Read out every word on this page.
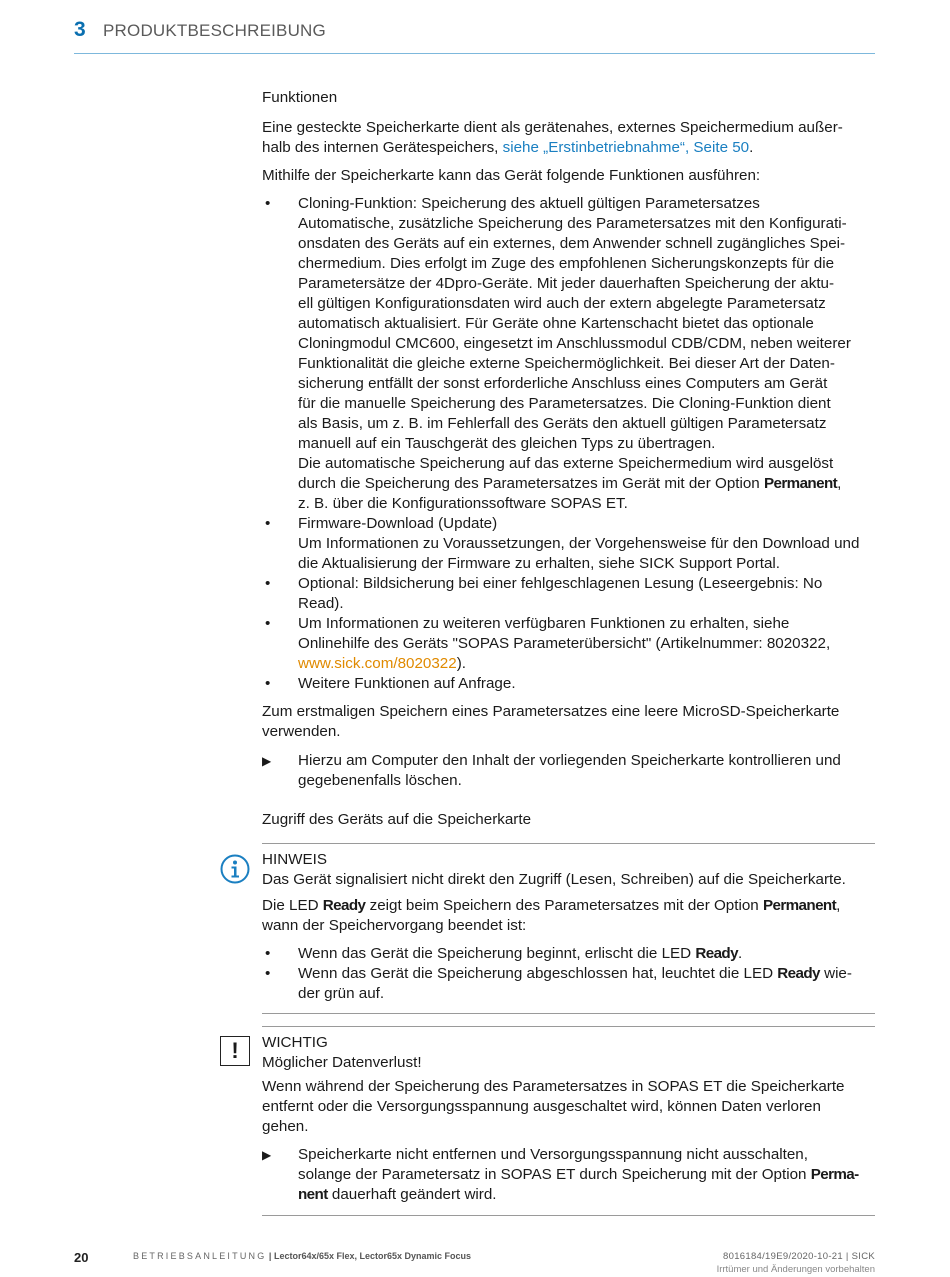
3 PRODUKTBESCHREIBUNG
Funktionen
Eine gesteckte Speicherkarte dient als gerätenahes, externes Speichermedium außer-
halb des internen Gerätespeichers, siehe „Erstinbetriebnahme“, Seite 50.
Mithilfe der Speicherkarte kann das Gerät folgende Funktionen ausführen:
• Cloning-Funktion: Speicherung des aktuell gültigen Parametersatzes
Automatische, zusätzliche Speicherung des Parametersatzes mit den Konfigurati-
onsdaten des Geräts auf ein externes, dem Anwender schnell zugängliches Spei-
chermedium. Dies erfolgt im Zuge des empfohlenen Sicherungskonzepts für die
Parametersätze der 4Dpro-Geräte. Mit jeder dauerhaften Speicherung der aktu-
ell gültigen Konfigurationsdaten wird auch der extern abgelegte Parametersatz
automatisch aktualisiert. Für Geräte ohne Kartenschacht bietet das optionale
Cloningmodul CMC600, eingesetzt im Anschlussmodul CDB/CDM, neben weiterer
Funktionalität die gleiche externe Speichermöglichkeit. Bei dieser Art der Daten-
sicherung entfällt der sonst erforderliche Anschluss eines Computers am Gerät
für die manuelle Speicherung des Parametersatzes. Die Cloning-Funktion dient
als Basis, um z. B. im Fehlerfall des Geräts den aktuell gültigen Parametersatz
manuell auf ein Tauschgerät des gleichen Typs zu übertragen.
Die automatische Speicherung auf das externe Speichermedium wird ausgelöst
durch die Speicherung des Parametersatzes im Gerät mit der Option Permanent,
z. B. über die Konfigurationssoftware SOPAS ET.
• Firmware-Download (Update)
Um Informationen zu Voraussetzungen, der Vorgehensweise für den Download und
die Aktualisierung der Firmware zu erhalten, siehe SICK Support Portal.
• Optional: Bildsicherung bei einer fehlgeschlagenen Lesung (Leseergebnis: No
Read).
• Um Informationen zu weiteren verfügbaren Funktionen zu erhalten, siehe
Onlinehilfe des Geräts "SOPAS Parameterübersicht" (Artikelnummer: 8020322,
www.sick.com/8020322).
• Weitere Funktionen auf Anfrage.
Zum erstmaligen Speichern eines Parametersatzes eine leere MicroSD-Speicherkarte
verwenden.
▶ Hierzu am Computer den Inhalt der vorliegenden Speicherkarte kontrollieren und
gegebenenfalls löschen.
Zugriff des Geräts auf die Speicherkarte
HINWEIS
Das Gerät signalisiert nicht direkt den Zugriff (Lesen, Schreiben) auf die Speicherkarte.
Die LED Ready zeigt beim Speichern des Parametersatzes mit der Option Permanent,
wann der Speichervorgang beendet ist:
• Wenn das Gerät die Speicherung beginnt, erlischt die LED Ready.
• Wenn das Gerät die Speicherung abgeschlossen hat, leuchtet die LED Ready wie-
der grün auf.
!	WICHTIG
Möglicher Datenverlust!
Wenn während der Speicherung des Parametersatzes in SOPAS ET die Speicherkarte
entfernt oder die Versorgungsspannung ausgeschaltet wird, können Daten verloren
gehen.
▶ Speicherkarte nicht entfernen und Versorgungsspannung nicht ausschalten,
solange der Parametersatz in SOPAS ET durch Speicherung mit der Option Perma-
nent dauerhaft geändert wird.
20	BETRIEBSANLEITUNG | Lector64x/65x Flex, Lector65x Dynamic Focus	8016184/19E9/2020-10-21 | SICK
Irrtümer und Änderungen vorbehalten
